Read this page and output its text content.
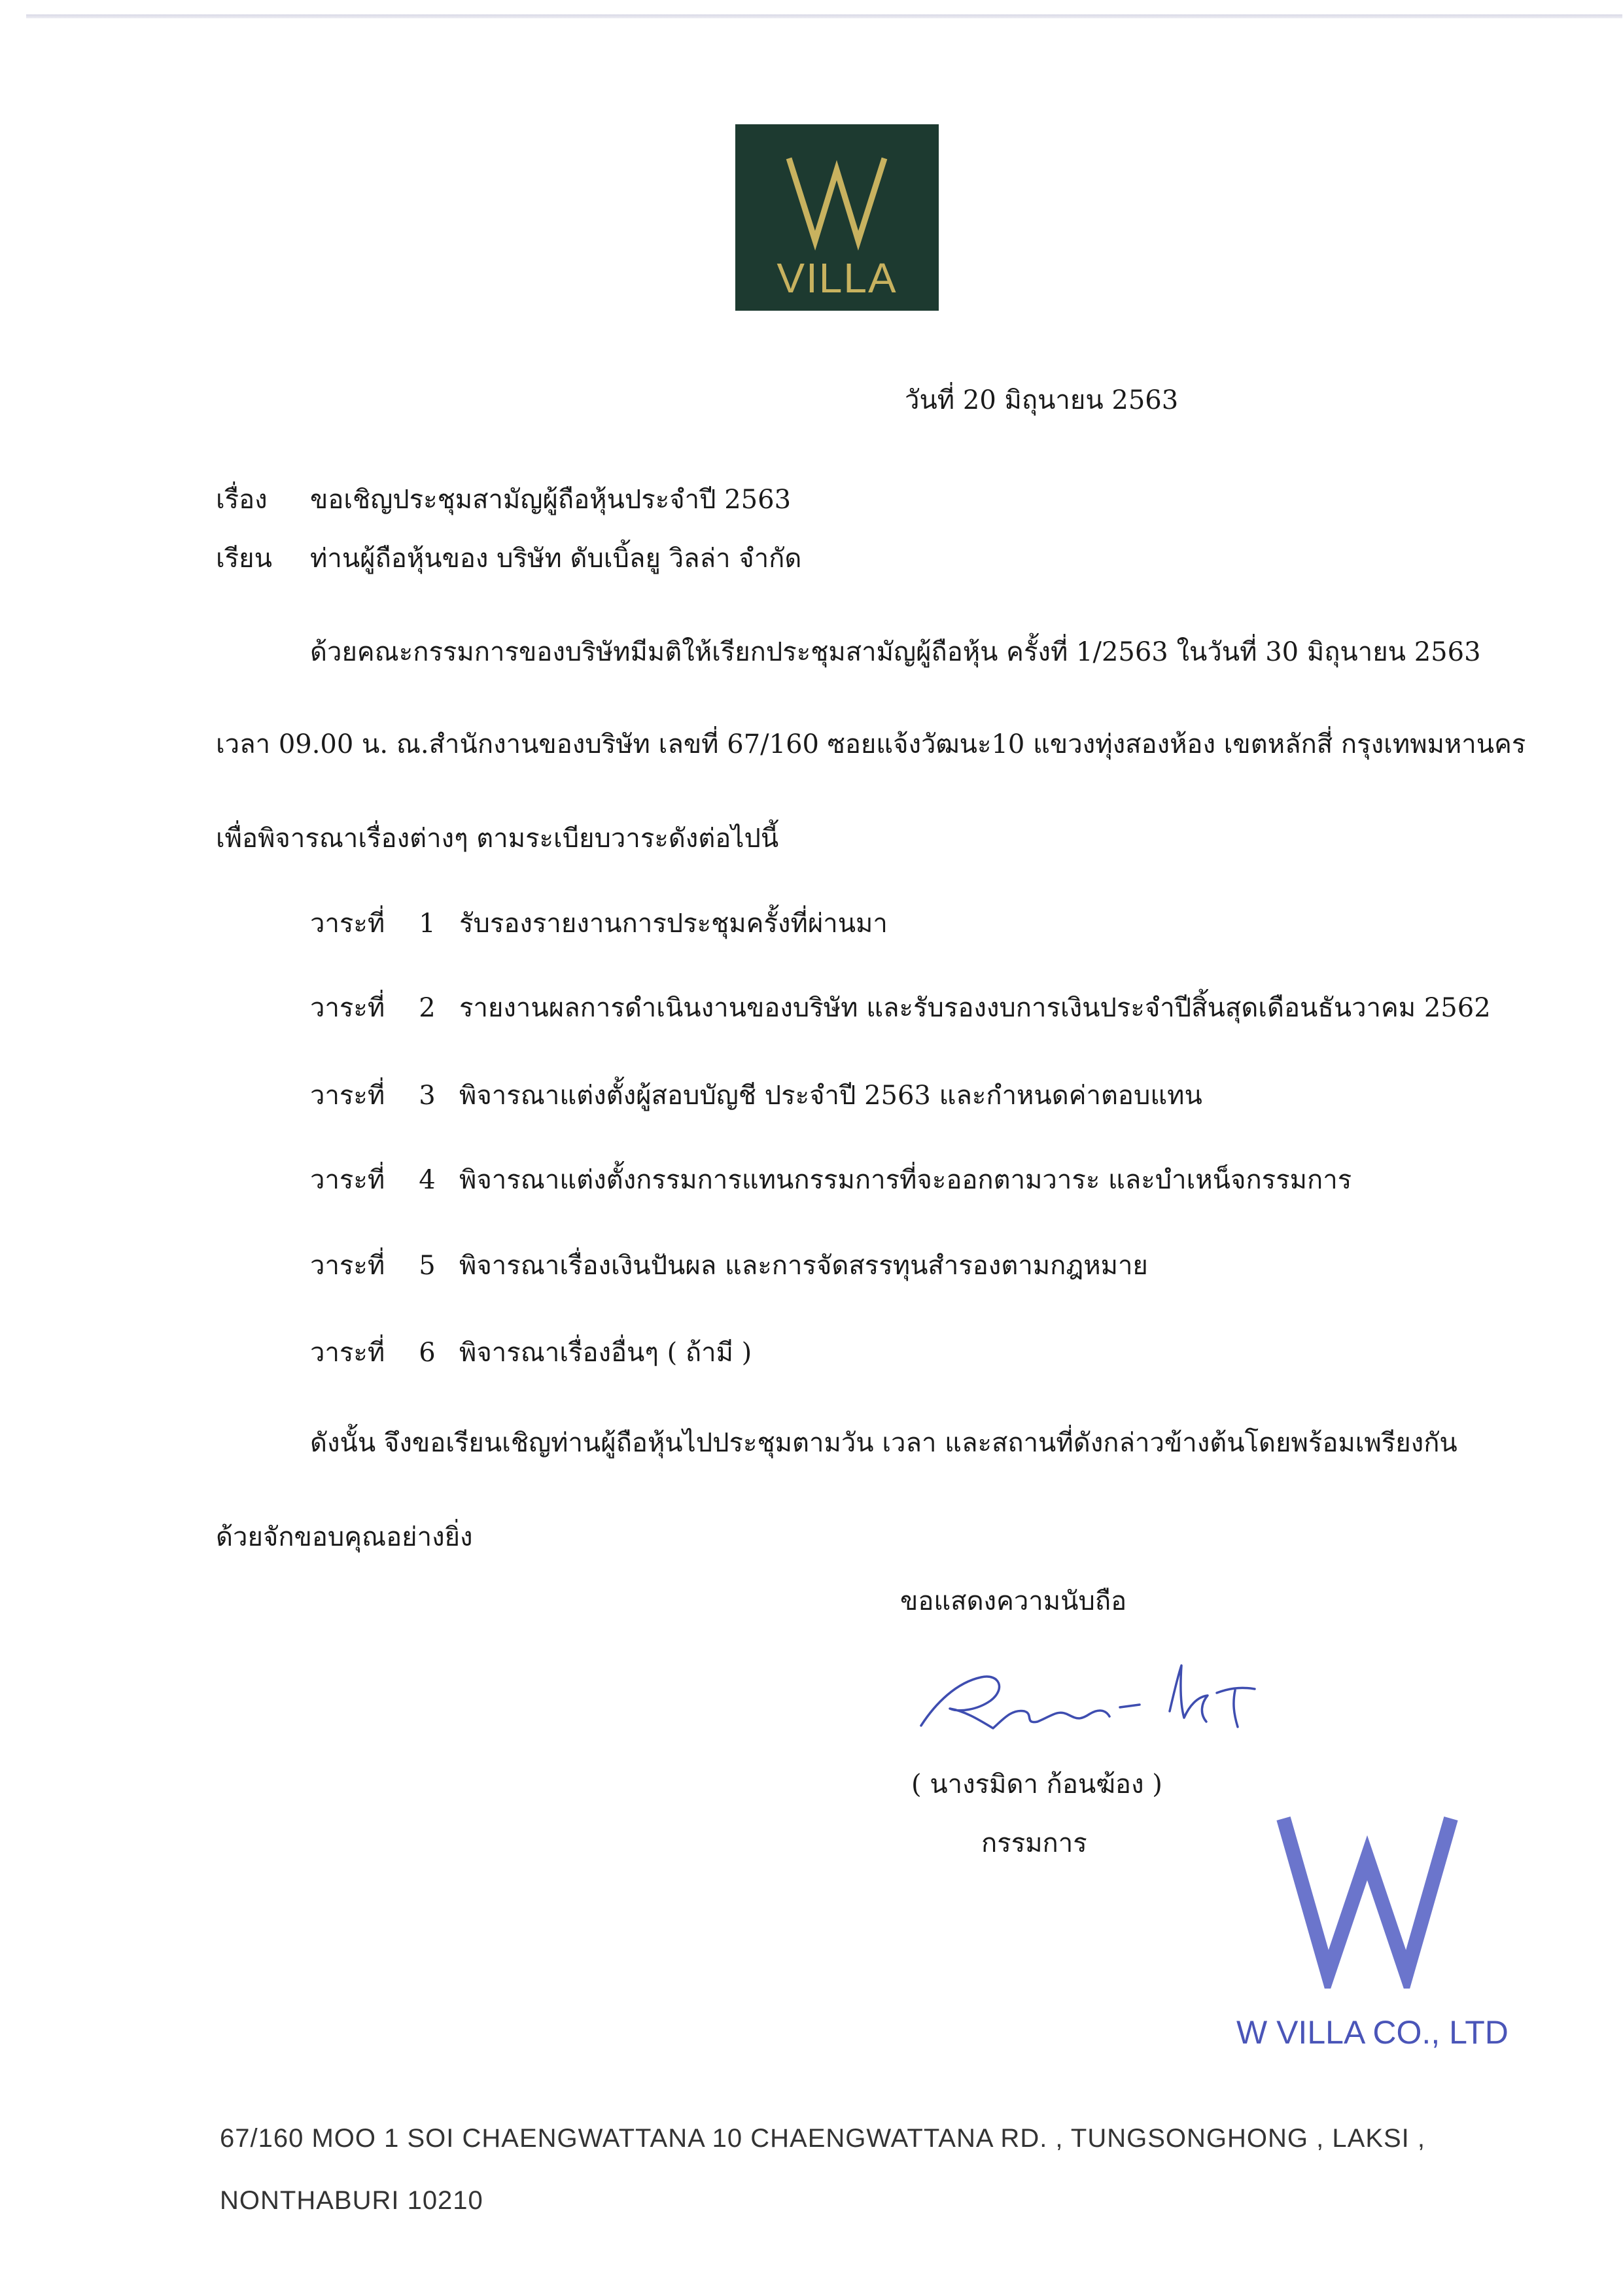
VILLA
วันที่ 20 มิถุนายน 2563
เรื่อง ขอเชิญประชุมสามัญผู้ถือหุ้นประจำปี 2563
เรียน ท่านผู้ถือหุ้นของ บริษัท ดับเบิ้ลยู วิลล่า จำกัด
ด้วยคณะกรรมการของบริษัทมีมติให้เรียกประชุมสามัญผู้ถือหุ้น ครั้งที่ 1/2563 ในวันที่ 30 มิถุนายน 2563
เวลา 09.00 น. ณ.สำนักงานของบริษัท เลขที่ 67/160 ซอยแจ้งวัฒนะ10 แขวงทุ่งสองห้อง เขตหลักสี่ กรุงเทพมหานคร
เพื่อพิจารณาเรื่องต่างๆ ตามระเบียบวาระดังต่อไปนี้
วาระที่ 1 รับรองรายงานการประชุมครั้งที่ผ่านมา
วาระที่ 2 รายงานผลการดำเนินงานของบริษัท และรับรองงบการเงินประจำปีสิ้นสุดเดือนธันวาคม 2562
วาระที่ 3 พิจารณาแต่งตั้งผู้สอบบัญชี ประจำปี 2563 และกำหนดค่าตอบแทน
วาระที่ 4 พิจารณาแต่งตั้งกรรมการแทนกรรมการที่จะออกตามวาระ และบำเหน็จกรรมการ
วาระที่ 5 พิจารณาเรื่องเงินปันผล และการจัดสรรทุนสำรองตามกฎหมาย
วาระที่ 6 พิจารณาเรื่องอื่นๆ ( ถ้ามี )
ดังนั้น จึงขอเรียนเชิญท่านผู้ถือหุ้นไปประชุมตามวัน เวลา และสถานที่ดังกล่าวข้างต้นโดยพร้อมเพรียงกัน
ด้วยจักขอบคุณอย่างยิ่ง
ขอแสดงความนับถือ
( นางรมิดา ก้อนฆ้อง )
กรรมการ
W VILLA CO., LTD
67/160 MOO 1 SOI CHAENGWATTANA 10 CHAENGWATTANA RD. , TUNGSONGHONG , LAKSI ,
NONTHABURI 10210
